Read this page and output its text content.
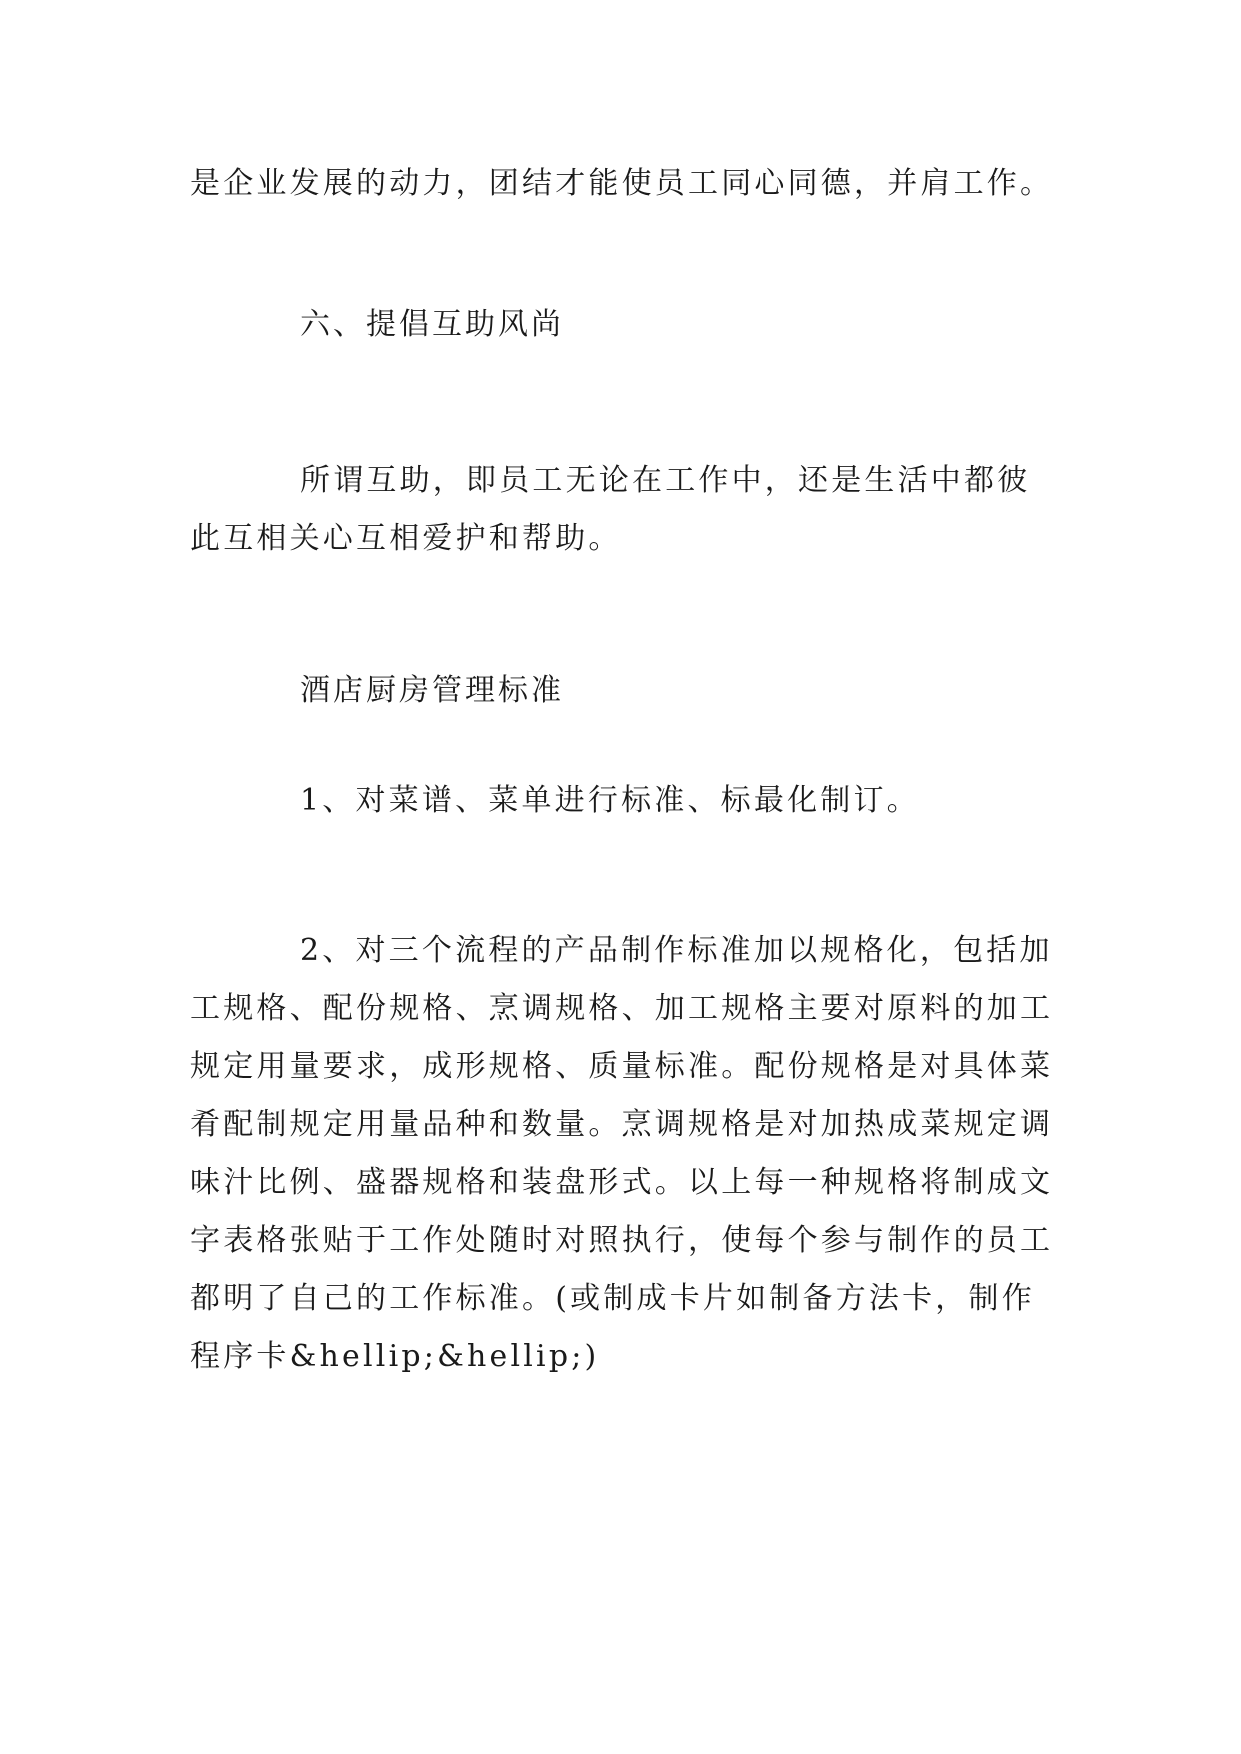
是企业发展的动力，团结才能使员工同心同德，并肩工作。

六、提倡互助风尚

所谓互助，即员工无论在工作中，还是生活中都彼此互相关心互相爱护和帮助。

酒店厨房管理标准

1、对菜谱、菜单进行标准、标最化制订。

2、对三个流程的产品制作标准加以规格化，包括加工规格、配份规格、烹调规格、加工规格主要对原料的加工规定用量要求，成形规格、质量标准。配份规格是对具体菜肴配制规定用量品种和数量。烹调规格是对加热成菜规定调味汁比例、盛器规格和装盘形式。以上每一种规格将制成文字表格张贴于工作处随时对照执行，使每个参与制作的员工都明了自己的工作标准。(或制成卡片如制备方法卡，制作程序卡&hellip;&hellip;)
